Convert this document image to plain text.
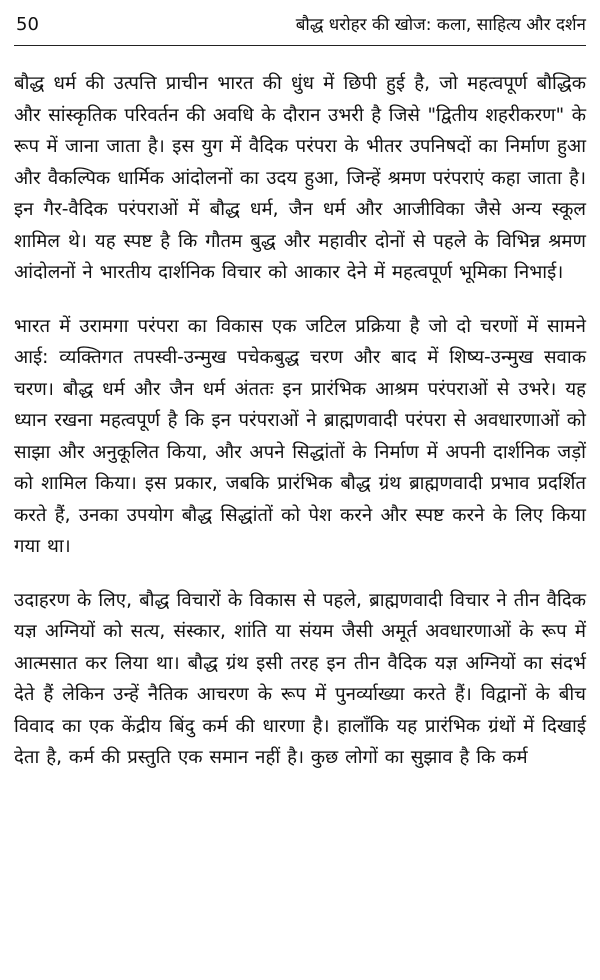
50	बौद्ध धरोहर की खोज: कला, साहित्य और दर्शन

बौद्ध धर्म की उत्पत्ति प्राचीन भारत की धुंध में छिपी हुई है, जो महत्वपूर्ण बौद्धिक और सांस्कृतिक परिवर्तन की अवधि के दौरान उभरी है जिसे "द्वितीय शहरीकरण" के रूप में जाना जाता है। इस युग में वैदिक परंपरा के भीतर उपनिषदों का निर्माण हुआ और वैकल्पिक धार्मिक आंदोलनों का उदय हुआ, जिन्हें श्रमण परंपराएं कहा जाता है। इन गैर-वैदिक परंपराओं में बौद्ध धर्म, जैन धर्म और आजीविका जैसे अन्य स्कूल शामिल थे। यह स्पष्ट है कि गौतम बुद्ध और महावीर दोनों से पहले के विभिन्न श्रमण आंदोलनों ने भारतीय दार्शनिक विचार को आकार देने में महत्वपूर्ण भूमिका निभाई।

भारत में उरामगा परंपरा का विकास एक जटिल प्रक्रिया है जो दो चरणों में सामने आई: व्यक्तिगत तपस्वी-उन्मुख पचेकबुद्ध चरण और बाद में शिष्य-उन्मुख सवाक चरण। बौद्ध धर्म और जैन धर्म अंततः इन प्रारंभिक आश्रम परंपराओं से उभरे। यह ध्यान रखना महत्वपूर्ण है कि इन परंपराओं ने ब्राह्मणवादी परंपरा से अवधारणाओं को साझा और अनुकूलित किया, और अपने सिद्धांतों के निर्माण में अपनी दार्शनिक जड़ों को शामिल किया। इस प्रकार, जबकि प्रारंभिक बौद्ध ग्रंथ ब्राह्मणवादी प्रभाव प्रदर्शित करते हैं, उनका उपयोग बौद्ध सिद्धांतों को पेश करने और स्पष्ट करने के लिए किया गया था।

उदाहरण के लिए, बौद्ध विचारों के विकास से पहले, ब्राह्मणवादी विचार ने तीन वैदिक यज्ञ अग्नियों को सत्य, संस्कार, शांति या संयम जैसी अमूर्त अवधारणाओं के रूप में आत्मसात कर लिया था। बौद्ध ग्रंथ इसी तरह इन तीन वैदिक यज्ञ अग्नियों का संदर्भ देते हैं लेकिन उन्हें नैतिक आचरण के रूप में पुनर्व्याख्या करते हैं। विद्वानों के बीच विवाद का एक केंद्रीय बिंदु कर्म की धारणा है। हालाँकि यह प्रारंभिक ग्रंथों में दिखाई देता है, कर्म की प्रस्तुति एक समान नहीं है। कुछ लोगों का सुझाव है कि कर्म
